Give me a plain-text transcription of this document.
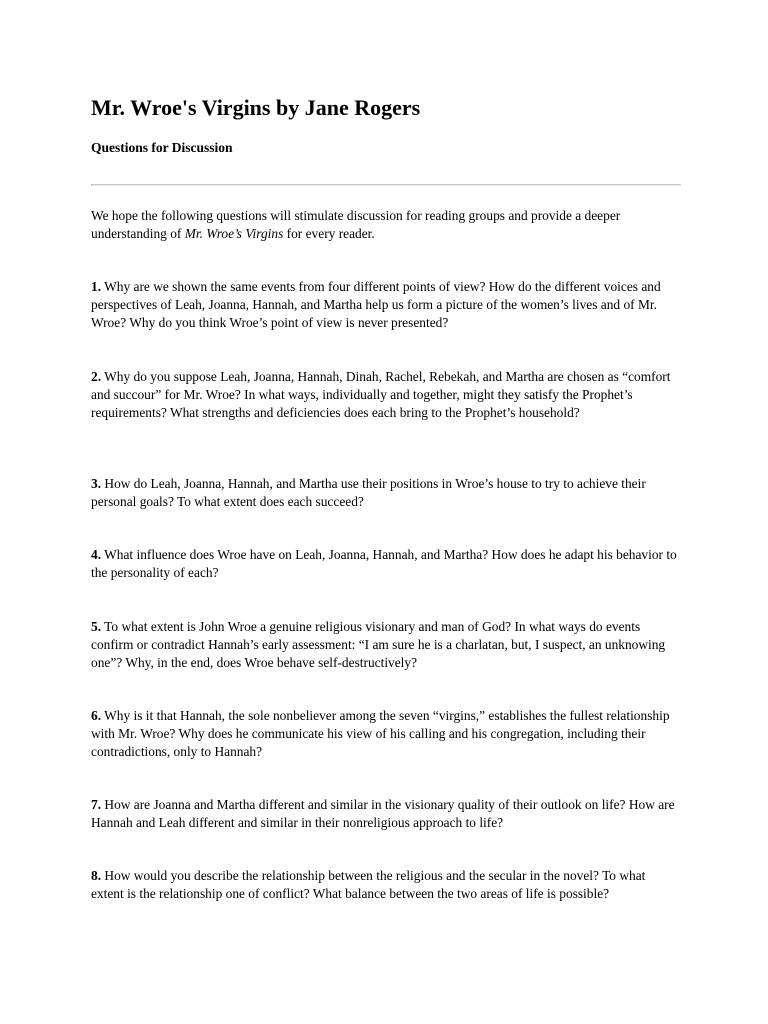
Mr. Wroe's Virgins by Jane Rogers
Questions for Discussion

We hope the following questions will stimulate discussion for reading groups and provide a deeper understanding of Mr. Wroe’s Virgins for every reader.

1. Why are we shown the same events from four different points of view? How do the different voices and perspectives of Leah, Joanna, Hannah, and Martha help us form a picture of the women’s lives and of Mr. Wroe? Why do you think Wroe’s point of view is never presented?

2. Why do you suppose Leah, Joanna, Hannah, Dinah, Rachel, Rebekah, and Martha are chosen as “comfort and succour” for Mr. Wroe? In what ways, individually and together, might they satisfy the Prophet’s requirements? What strengths and deficiencies does each bring to the Prophet’s household?

3. How do Leah, Joanna, Hannah, and Martha use their positions in Wroe’s house to try to achieve their personal goals? To what extent does each succeed?

4. What influence does Wroe have on Leah, Joanna, Hannah, and Martha? How does he adapt his behavior to the personality of each?

5. To what extent is John Wroe a genuine religious visionary and man of God? In what ways do events confirm or contradict Hannah’s early assessment: “I am sure he is a charlatan, but, I suspect, an unknowing one”? Why, in the end, does Wroe behave self-destructively?

6. Why is it that Hannah, the sole nonbeliever among the seven “virgins,” establishes the fullest relationship with Mr. Wroe? Why does he communicate his view of his calling and his congregation, including their contradictions, only to Hannah?

7. How are Joanna and Martha different and similar in the visionary quality of their outlook on life? How are Hannah and Leah different and similar in their nonreligious approach to life?

8. How would you describe the relationship between the religious and the secular in the novel? To what extent is the relationship one of conflict? What balance between the two areas of life is possible?
